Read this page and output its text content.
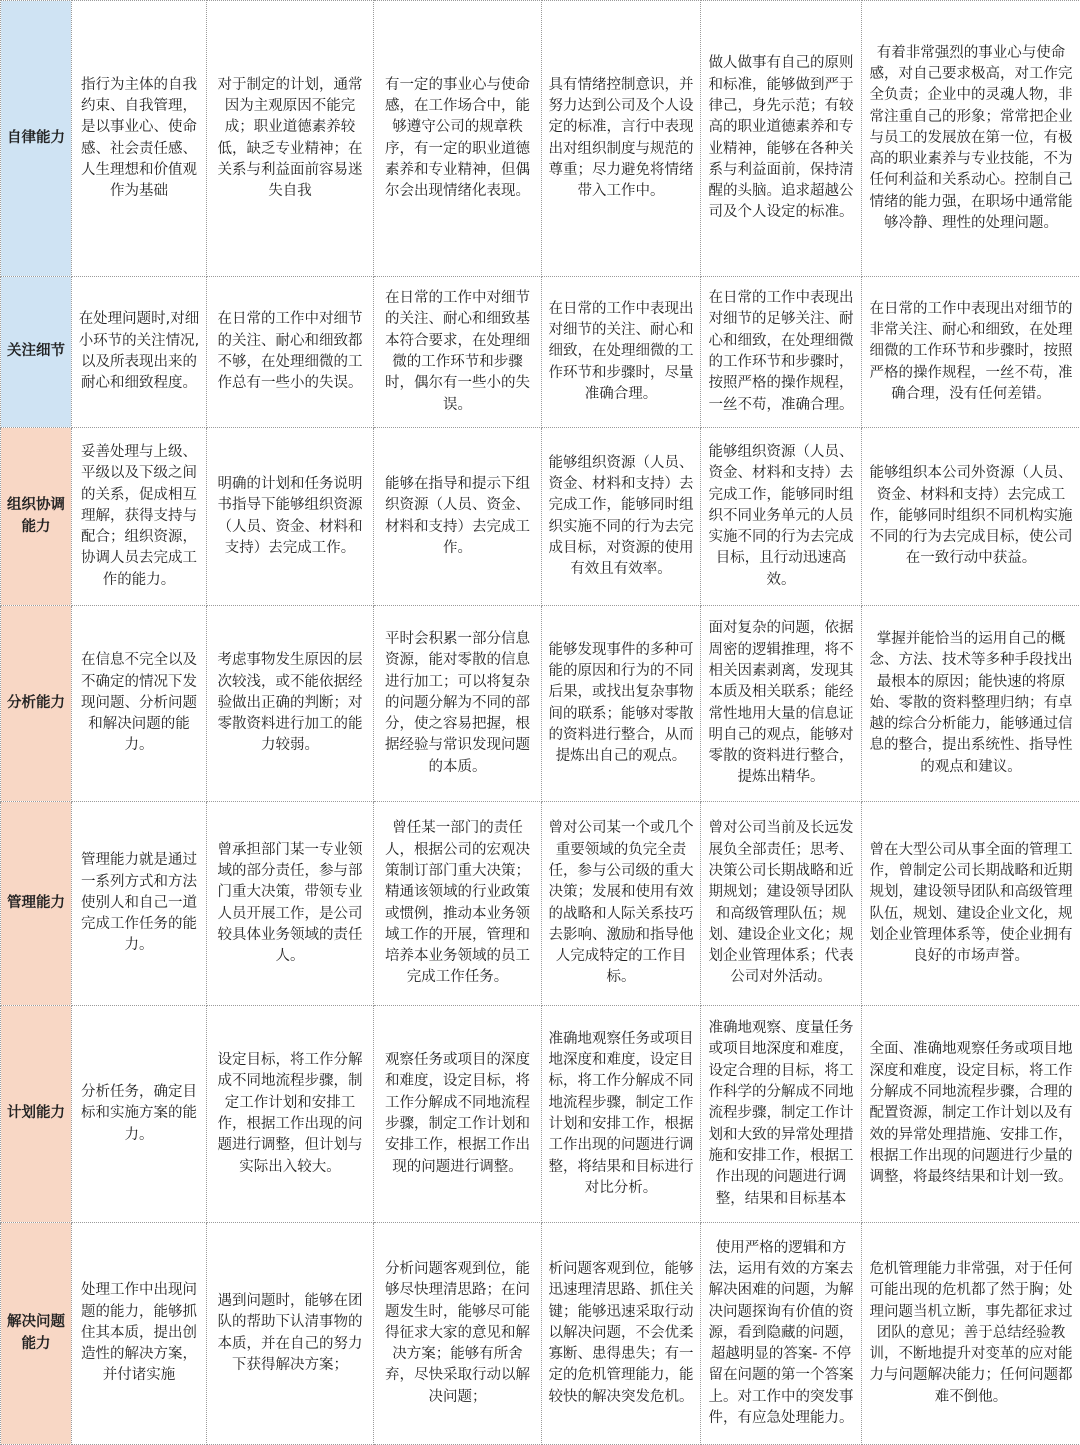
自律能力	指行为主体的自我约束、自我管理，是以事业心、使命感、社会责任感、人生理想和价值观作为基础	对于制定的计划，通常因为主观原因不能完成；职业道德素养较低，缺乏专业精神；在关系与利益面前容易迷失自我	有一定的事业心与使命感，在工作场合中，能够遵守公司的规章秩序，有一定的职业道德素养和专业精神，但偶尔会出现情绪化表现。	具有情绪控制意识，并努力达到公司及个人设定的标准，言行中表现出对组织制度与规范的尊重；尽力避免将情绪带入工作中。	做人做事有自己的原则和标准，能够做到严于律己，身先示范；有较高的职业道德素养和专业精神，能够在各种关系与利益面前，保持清醒的头脑。追求超越公司及个人设定的标准。	有着非常强烈的事业心与使命感，对自己要求极高，对工作完全负责；企业中的灵魂人物，非常注重自己的形象；常常把企业与员工的发展放在第一位，有极高的职业素养与专业技能，不为任何利益和关系动心。控制自己情绪的能力强，在职场中通常能够冷静、理性的处理问题。
关注细节	在处理问题时,对细小环节的关注情况,以及所表现出来的耐心和细致程度。	在日常的工作中对细节的关注、耐心和细致都不够，在处理细微的工作总有一些小的失误。	在日常的工作中对细节的关注、耐心和细致基本符合要求，在处理细微的工作环节和步骤时，偶尔有一些小的失误。	在日常的工作中表现出对细节的关注、耐心和细致，在处理细微的工作环节和步骤时，尽量准确合理。	在日常的工作中表现出对细节的足够关注、耐心和细致，在处理细微的工作环节和步骤时，按照严格的操作规程，一丝不苟，准确合理。	在日常的工作中表现出对细节的非常关注、耐心和细致，在处理细微的工作环节和步骤时，按照严格的操作规程，一丝不苟，准确合理，没有任何差错。
组织协调能力	妥善处理与上级、平级以及下级之间的关系，促成相互理解，获得支持与配合；组织资源，协调人员去完成工作的能力。	明确的计划和任务说明书指导下能够组织资源（人员、资金、材料和支持）去完成工作。	能够在指导和提示下组织资源（人员、资金、材料和支持）去完成工作。	能够组织资源（人员、资金、材料和支持）去完成工作，能够同时组织实施不同的行为去完成目标，对资源的使用有效且有效率。	能够组织资源（人员、资金、材料和支持）去完成工作，能够同时组织不同业务单元的人员实施不同的行为去完成目标，且行动迅速高效。	能够组织本公司外资源（人员、资金、材料和支持）去完成工作，能够同时组织不同机构实施不同的行为去完成目标，使公司在一致行动中获益。
分析能力	在信息不完全以及不确定的情况下发现问题、分析问题和解决问题的能力。	考虑事物发生原因的层次较浅，或不能依据经验做出正确的判断；对零散资料进行加工的能力较弱。	平时会积累一部分信息资源，能对零散的信息进行加工；可以将复杂的问题分解为不同的部分，使之容易把握，根据经验与常识发现问题的本质。	能够发现事件的多种可能的原因和行为的不同后果，或找出复杂事物间的联系；能够对零散的资料进行整合，从而提炼出自己的观点。	面对复杂的问题，依据周密的逻辑推理，将不相关因素剥离，发现其本质及相关联系；能经常性地用大量的信息证明自己的观点，能够对零散的资料进行整合，提炼出精华。	掌握并能恰当的运用自己的概念、方法、技术等多种手段找出最根本的原因；能快速的将原始、零散的资料整理归纳；有卓越的综合分析能力，能够通过信息的整合，提出系统性、指导性的观点和建议。
管理能力	管理能力就是通过一系列方式和方法使别人和自己一道完成工作任务的能力。	曾承担部门某一专业领域的部分责任，参与部门重大决策，带领专业人员开展工作，是公司较具体业务领域的责任人。	曾任某一部门的责任人，根据公司的宏观决策制订部门重大决策；精通该领域的行业政策或惯例，推动本业务领域工作的开展，管理和培养本业务领域的员工完成工作任务。	曾对公司某一个或几个重要领域的负完全责任，参与公司级的重大决策；发展和使用有效的战略和人际关系技巧去影响、激励和指导他人完成特定的工作目标。	曾对公司当前及长远发展负全部责任；思考、决策公司长期战略和近期规划；建设领导团队和高级管理队伍；规划、建设企业文化；规划企业管理体系；代表公司对外活动。	曾在大型公司从事全面的管理工作，曾制定公司长期战略和近期规划，建设领导团队和高级管理队伍，规划、建设企业文化，规划企业管理体系等，使企业拥有良好的市场声誉。
计划能力	分析任务，确定目标和实施方案的能力。	设定目标，将工作分解成不同地流程步骤，制定工作计划和安排工作，根据工作出现的问题进行调整，但计划与实际出入较大。	观察任务或项目的深度和难度，设定目标，将工作分解成不同地流程步骤，制定工作计划和安排工作，根据工作出现的问题进行调整。	准确地观察任务或项目地深度和难度，设定目标，将工作分解成不同地流程步骤，制定工作计划和安排工作，根据工作出现的问题进行调整，将结果和目标进行对比分析。	准确地观察、度量任务或项目地深度和难度，设定合理的目标，将工作科学的分解成不同地流程步骤，制定工作计划和大致的异常处理措施和安排工作，根据工作出现的问题进行调整，结果和目标基本	全面、准确地观察任务或项目地深度和难度，设定目标，将工作分解成不同地流程步骤，合理的配置资源，制定工作计划以及有效的异常处理措施、安排工作，根据工作出现的问题进行少量的调整，将最终结果和计划一致。
解决问题能力	处理工作中出现问题的能力，能够抓住其本质，提出创造性的解决方案，并付诸实施	遇到问题时，能够在团队的帮助下认清事物的本质，并在自己的努力下获得解决方案；	分析问题客观到位，能够尽快理清思路；在问题发生时，能够尽可能得征求大家的意见和解决方案；能够有所舍弃，尽快采取行动以解决问题；	析问题客观到位，能够迅速理清思路、抓住关键；能够迅速采取行动以解决问题，不会优柔寡断、患得患失；有一定的危机管理能力，能较快的解决突发危机。	使用严格的逻辑和方法，运用有效的方案去解决困难的问题，为解决问题探询有价值的资源，看到隐藏的问题，超越明显的答案- 不停留在问题的第一个答案上。对工作中的突发事件，有应急处理能力。	危机管理能力非常强，对于任何可能出现的危机都了然于胸；处理问题当机立断，事先都征求过团队的意见；善于总结经验教训，不断地提升对变革的应对能力与问题解决能力；任何问题都难不倒他。
